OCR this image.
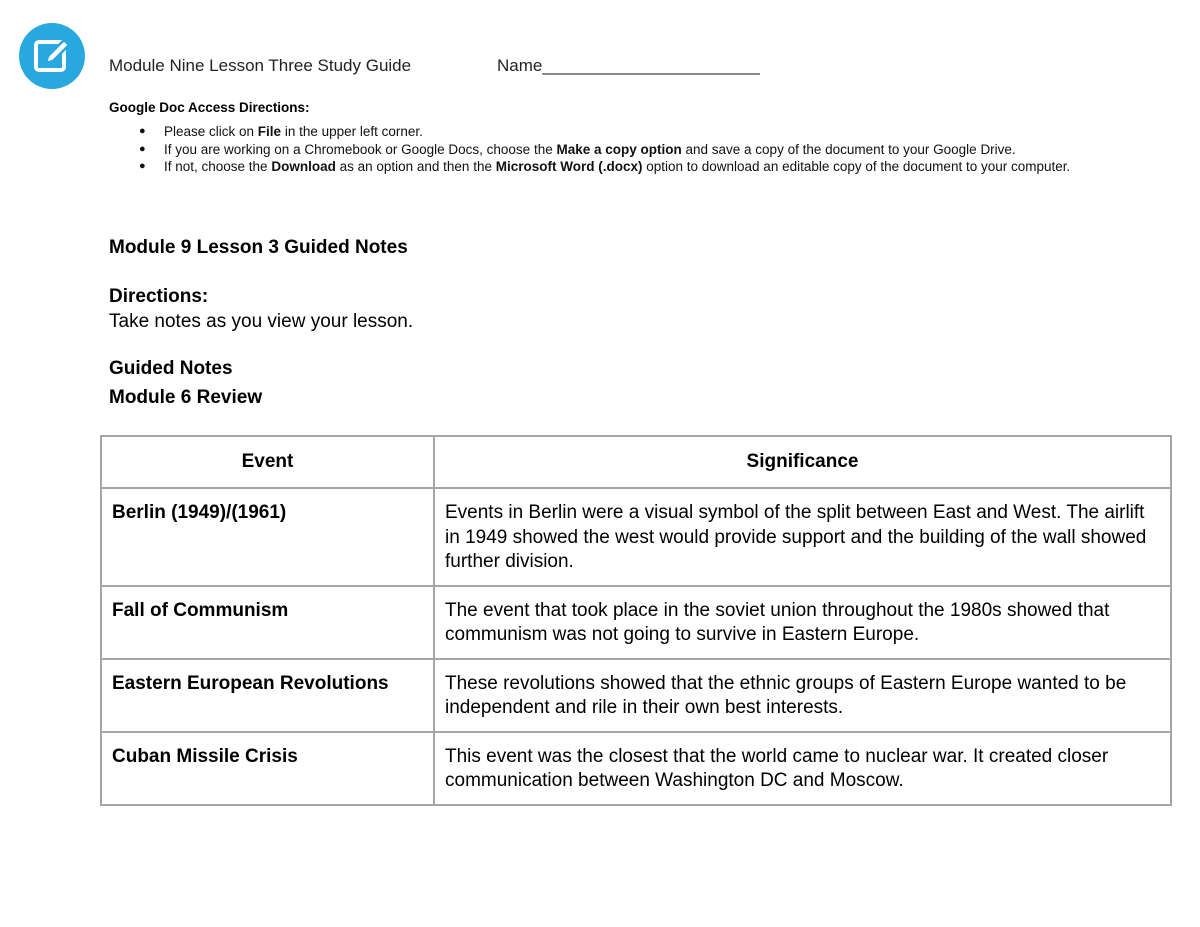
Module Nine Lesson Three Study Guide	Name_______________________
Google Doc Access Directions:
● Please click on File in the upper left corner.
● If you are working on a Chromebook or Google Docs, choose the Make a copy option and save a copy of the document to your Google Drive.
● If not, choose the Download as an option and then the Microsoft Word (.docx) option to download an editable copy of the document to your computer.
Module 9 Lesson 3 Guided Notes
Directions:
Take notes as you view your lesson.
Guided Notes
Module 6 Review
Event	Significance
Berlin (1949)/(1961)	Events in Berlin were a visual symbol of the split between East and West. The airlift in 1949 showed the west would provide support and the building of the wall showed further division.
Fall of Communism	The event that took place in the soviet union throughout the 1980s showed that communism was not going to survive in Eastern Europe.
Eastern European Revolutions	These revolutions showed that the ethnic groups of Eastern Europe wanted to be independent and rile in their own best interests.
Cuban Missile Crisis	This event was the closest that the world came to nuclear war. It created closer communication between Washington DC and Moscow.
